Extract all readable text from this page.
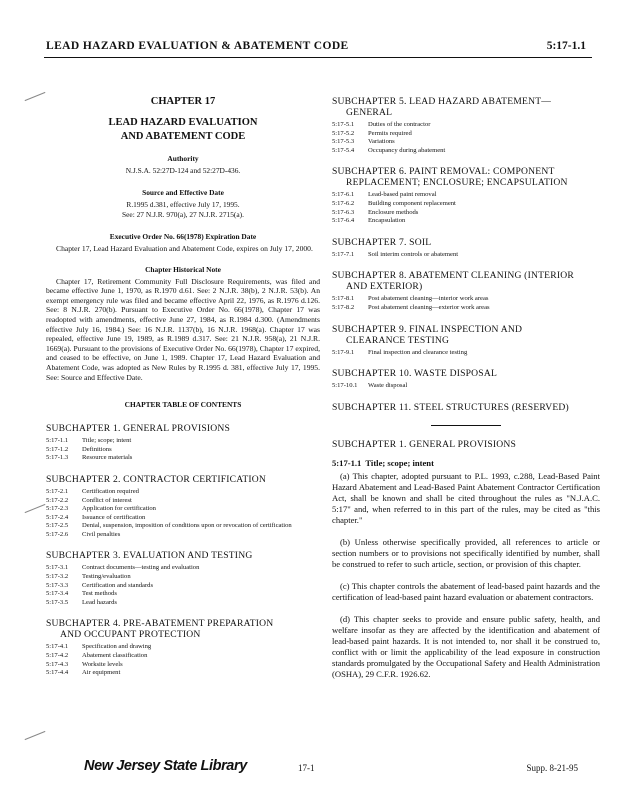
LEAD HAZARD EVALUATION & ABATEMENT CODE	5:17-1.1
CHAPTER 17
LEAD HAZARD EVALUATION
AND ABATEMENT CODE
Authority
N.J.S.A. 52:27D-124 and 52:27D-436.
Source and Effective Date
R.1995 d.381, effective July 17, 1995.
See: 27 N.J.R. 970(a), 27 N.J.R. 2715(a).
Executive Order No. 66(1978) Expiration Date
Chapter 17, Lead Hazard Evaluation and Abatement Code, expires on July 17, 2000.
Chapter Historical Note
Chapter 17, Retirement Community Full Disclosure Requirements, was filed and became effective June 1, 1970, as R.1970 d.61. See: 2 N.J.R. 38(b), 2 N.J.R. 53(b). An exempt emergency rule was filed and became effective April 22, 1976, as R.1976 d.126. See: 8 N.J.R. 270(b). Pursuant to Executive Order No. 66(1978), Chapter 17 was readopted with amendments, effective June 27, 1984, as R.1984 d.300. (Amendments effective July 16, 1984.) See: 16 N.J.R. 1137(b), 16 N.J.R. 1968(a). Chapter 17 was repealed, effective June 19, 1989, as R.1989 d.317. See: 21 N.J.R. 958(a), 21 N.J.R. 1669(a). Pursuant to the provisions of Executive Order No. 66(1978), Chapter 17 expired, and ceased to be effective, on June 1, 1989. Chapter 17, Lead Hazard Evaluation and Abatement Code, was adopted as New Rules by R.1995 d. 381, effective July 17, 1995. See: Source and Effective Date.
CHAPTER TABLE OF CONTENTS
SUBCHAPTER 1. GENERAL PROVISIONS
5:17-1.1	Title; scope; intent
5:17-1.2	Definitions
5:17-1.3	Resource materials
SUBCHAPTER 2. CONTRACTOR CERTIFICATION
5:17-2.1	Certification required
5:17-2.2	Conflict of interest
5:17-2.3	Application for certification
5:17-2.4	Issuance of certification
5:17-2.5	Denial, suspension, imposition of conditions upon or revocation of certification
5:17-2.6	Civil penalties
SUBCHAPTER 3. EVALUATION AND TESTING
5:17-3.1	Contract documents—testing and evaluation
5:17-3.2	Testing/evaluation
5:17-3.3	Certification and standards
5:17-3.4	Test methods
5:17-3.5	Lead hazards
SUBCHAPTER 4. PRE-ABATEMENT PREPARATION
AND OCCUPANT PROTECTION
5:17-4.1	Specification and drawing
5:17-4.2	Abatement classification
5:17-4.3	Worksite levels
5:17-4.4	Air equipment
SUBCHAPTER 5. LEAD HAZARD ABATEMENT—
GENERAL
5:17-5.1	Duties of the contractor
5:17-5.2	Permits required
5:17-5.3	Variations
5:17-5.4	Occupancy during abatement
SUBCHAPTER 6. PAINT REMOVAL: COMPONENT
REPLACEMENT; ENCLOSURE; ENCAPSULATION
5:17-6.1	Lead-based paint removal
5:17-6.2	Building component replacement
5:17-6.3	Enclosure methods
5:17-6.4	Encapsulation
SUBCHAPTER 7. SOIL
5:17-7.1	Soil interim controls or abatement
SUBCHAPTER 8. ABATEMENT CLEANING (INTERIOR
AND EXTERIOR)
5:17-8.1	Post abatement cleaning—interior work areas
5:17-8.2	Post abatement cleaning—exterior work areas
SUBCHAPTER 9. FINAL INSPECTION AND
CLEARANCE TESTING
5:17-9.1	Final inspection and clearance testing
SUBCHAPTER 10. WASTE DISPOSAL
5:17-10.1	Waste disposal
SUBCHAPTER 11. STEEL STRUCTURES (RESERVED)
SUBCHAPTER 1. GENERAL PROVISIONS
5:17-1.1 Title; scope; intent
(a) This chapter, adopted pursuant to P.L. 1993, c.288, Lead-Based Paint Hazard Abatement and Lead-Based Paint Abatement Contractor Certification Act, shall be known and shall be cited throughout the rules as "N.J.A.C. 5:17" and, when referred to in this part of the rules, may be cited as "this chapter."
(b) Unless otherwise specifically provided, all references to article or section numbers or to provisions not specifically identified by number, shall be construed to refer to such article, section, or provision of this chapter.
(c) This chapter controls the abatement of lead-based paint hazards and the certification of lead-based paint hazard evaluation or abatement contractors.
(d) This chapter seeks to provide and ensure public safety, health, and welfare insofar as they are affected by the identification and abatement of lead-based paint hazards. It is not intended to, nor shall it be construed to, conflict with or limit the applicability of the lead exposure in construction standards promulgated by the Occupational Safety and Health Administration (OSHA), 29 C.F.R. 1926.62.
New Jersey State Library	17-1	Supp. 8-21-95
